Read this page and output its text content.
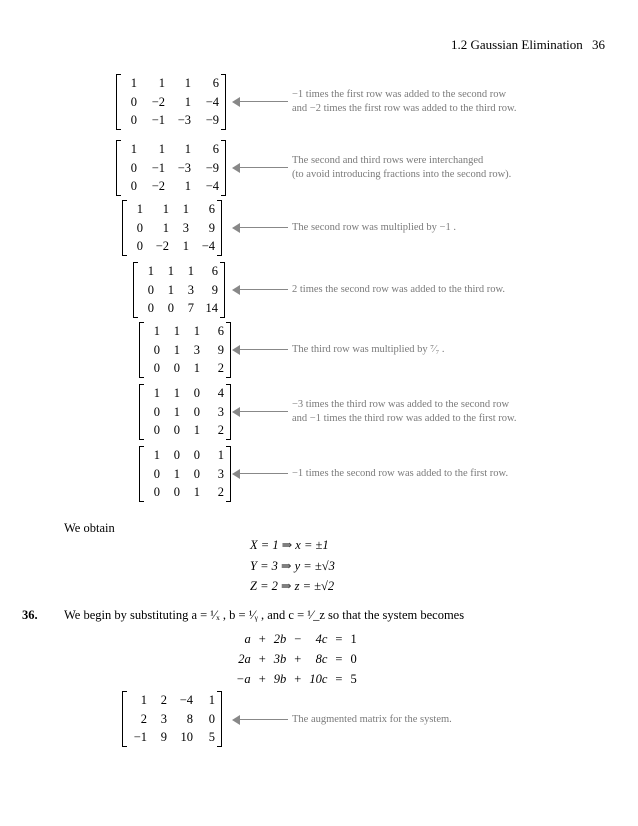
1.2 Gaussian Elimination 36
1	1	1	6
0	−2	1	−4
0	−1	−3	−9
−1 times the first row was added to the second row
and −2 times the first row was added to the third row.
1	1	1	6
0	−1	−3	−9
0	−2	1	−4
The second and third rows were interchanged
(to avoid introducing fractions into the second row).
1	1	1	6
0	1	3	9
0	−2	1	−4
The second row was multiplied by −1 .
1	1	1	6
0	1	3	9
0	0	7	14
2 times the second row was added to the third row.
1	1	1	6
0	1	3	9
0	0	1	2
The third row was multiplied by ⁷⁄₇ .
1	1	0	4
0	1	0	3
0	0	1	2
−3 times the third row was added to the second row
and −1 times the third row was added to the first row.
1	0	0	1
0	1	0	3
0	0	1	2
−1 times the second row was added to the first row.
We obtain
X = 1 ⇒ x = ±1
Y = 3 ⇒ y = ±√3
Z = 2 ⇒ z = ±√2
36. We begin by substituting a = ¹⁄ₓ , b = ¹⁄ᵧ , and c = ¹⁄_z so that the system becomes
a	+	2b	−	4c	=	1
2a	+	3b	+	8c	=	0
−a	+	9b	+	10c	=	5
1	2	−4	1
2	3	8	0
−1	9	10	5
The augmented matrix for the system.
